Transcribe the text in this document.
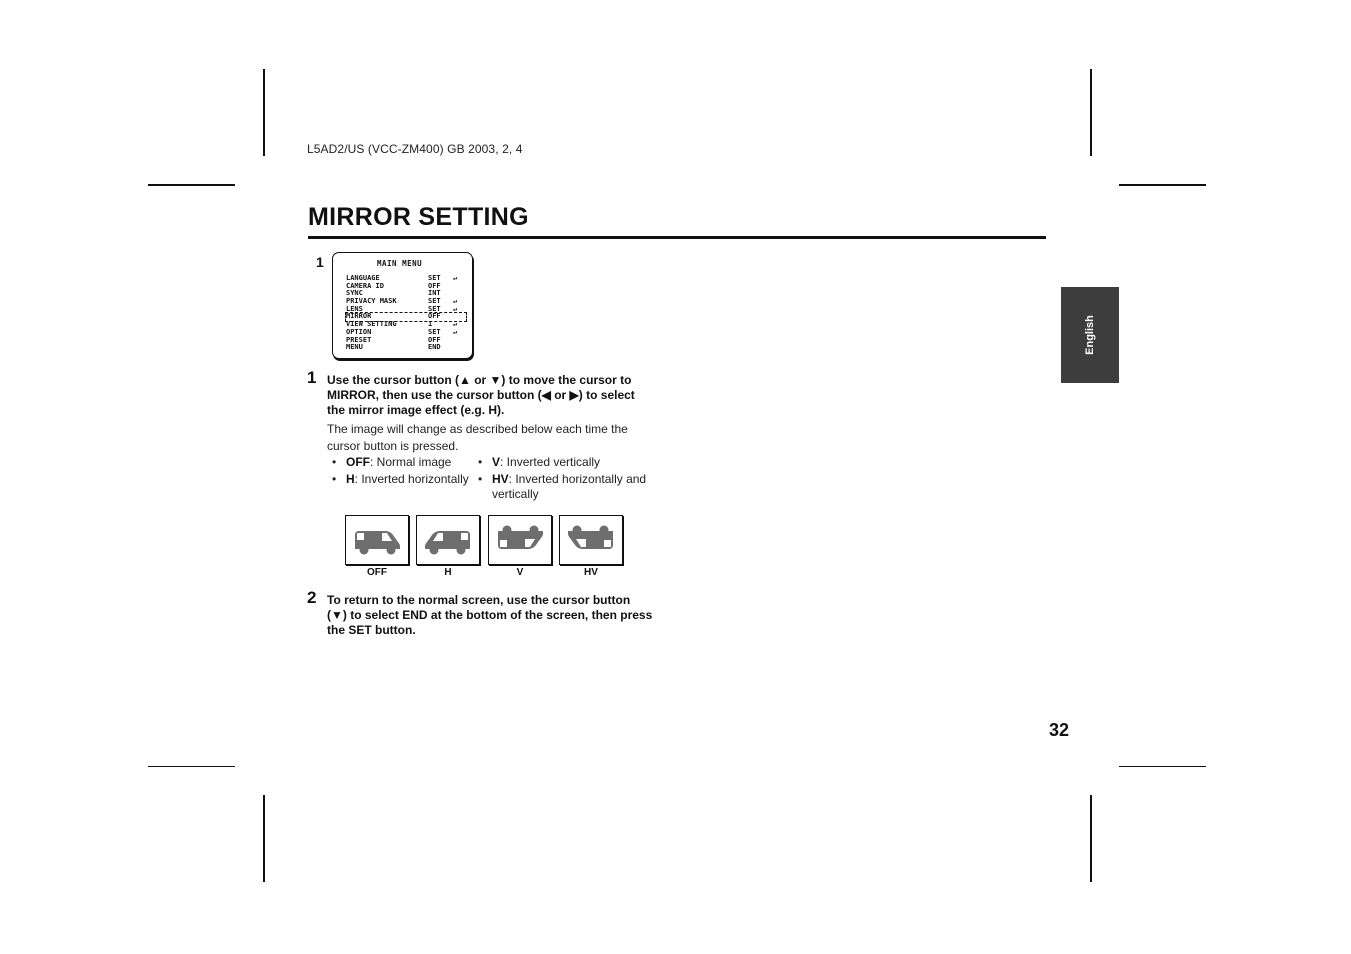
L5AD2/US (VCC-ZM400) GB 2003, 2, 4
MIRROR SETTING
English
1	MAIN MENU
LANGUAGE	SET ↵
CAMERA ID	OFF
SYNC	INT
PRIVACY MASK	SET ↵
LENS	SET ↵
MIRROR	OFF
VIEW SETTING	1	↵
OPTION	SET ↵
PRESET	OFF
MENU	END
1 Use the cursor button (▲ or ▼) to move the cursor to
MIRROR, then use the cursor button (◀ or ▶) to select
the mirror image effect (e.g. H).

The image will change as described below each time the
cursor button is pressed.

• OFF: Normal image
• H: Inverted horizontally
• V: Inverted vertically
• HV: Inverted horizontally and
vertically
OFF	H	V	HV
2 To return to the normal screen, use the cursor button
(▼) to select END at the bottom of the screen, then press
the SET button.

32
